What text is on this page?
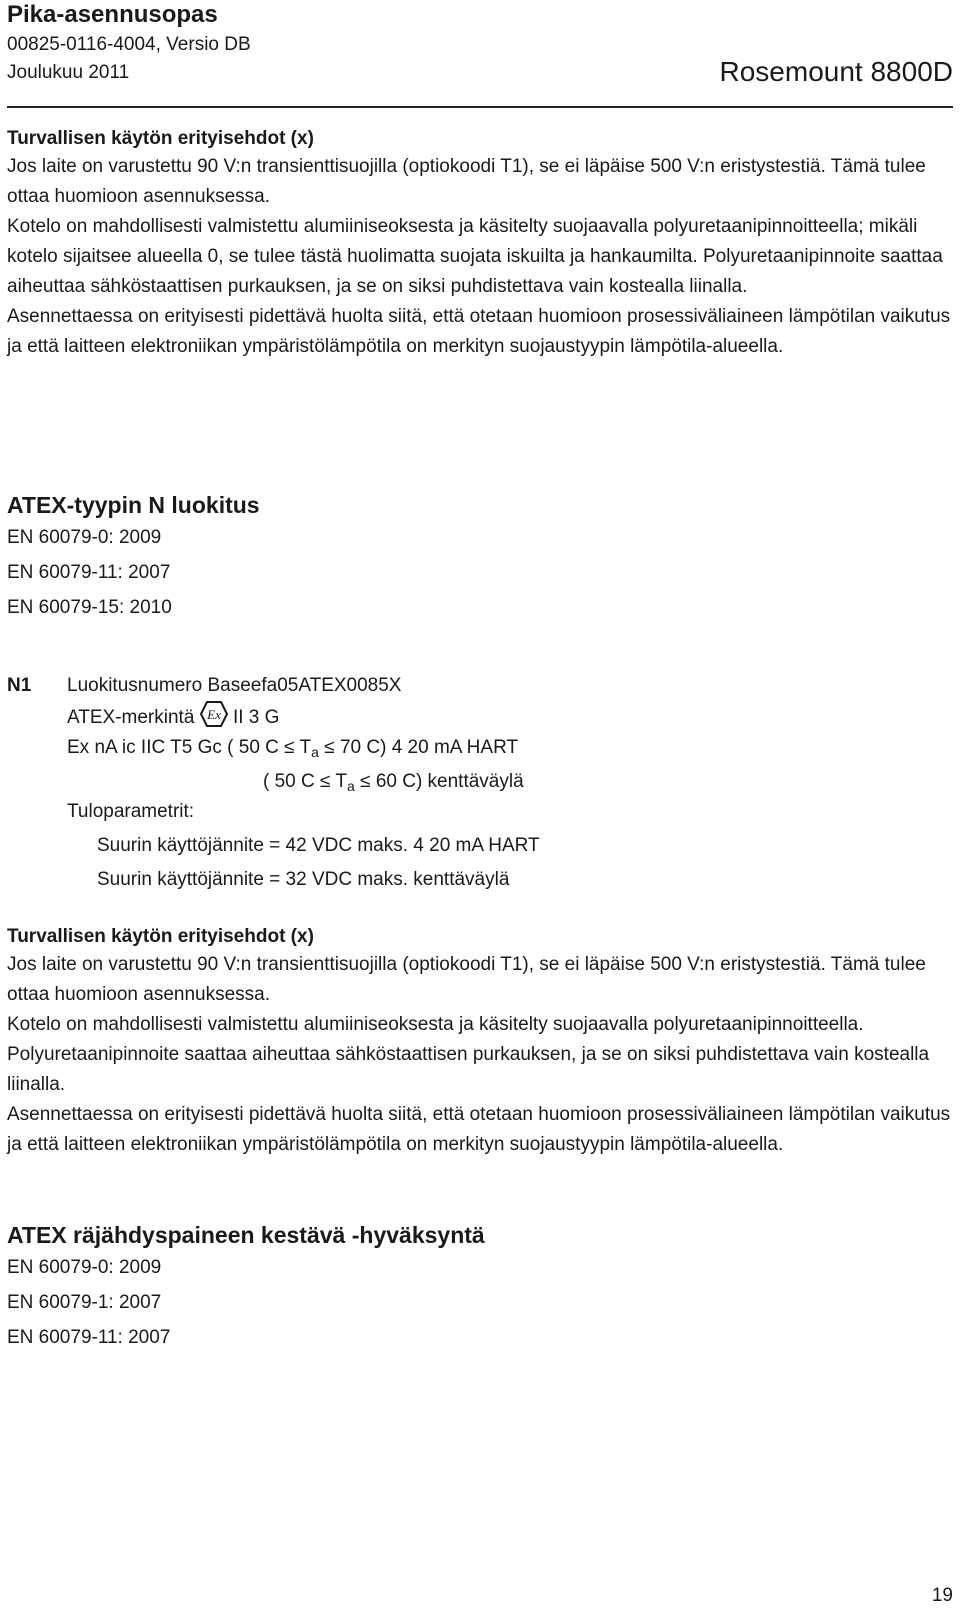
Pika-asennusopas
00825-0116-4004, Versio DB
Joulukuu 2011	Rosemount 8800D

Turvallisen käytön erityisehdot (x)

Jos laite on varustettu 90 V:n transienttisuojilla (optiokoodi T1), se ei läpäise 500 V:n eristystestiä. Tämä tulee ottaa huomioon asennuksessa.

Kotelo on mahdollisesti valmistettu alumiiniseoksesta ja käsitelty suojaavalla polyuretaanipinnoitteella; mikäli kotelo sijaitsee alueella 0, se tulee tästä huolimatta suojata iskuilta ja hankaumilta. Polyuretaanipinnoite saattaa aiheuttaa sähköstaattisen purkauksen, ja se on siksi puhdistettava vain kostealla liinalla.

Asennettaessa on erityisesti pidettävä huolta siitä, että otetaan huomioon prosessiväliaineen lämpötilan vaikutus ja että laitteen elektroniikan ympäristölämpötila on merkityn suojaustyypin lämpötila-alueella.

ATEX-tyypin N luokitus

EN 60079-0: 2009

EN 60079-11: 2007

EN 60079-15: 2010

N1 Luokitusnumero Baseefa05ATEX0085X

ATEX-merkintä Ex II 3 G

Ex nA ic IIC T5 Gc ( 50 $C \le T_a \le 70$ C) 4 20 mA HART

( 50 $C \le T_a \le 60$ C) kenttäväylä

Tuloparametrit:

Suurin käyttöjännite = 42 VDC maks. 4 20 mA HART

Suurin käyttöjännite = 32 VDC maks. kenttäväylä

Turvallisen käytön erityisehdot (x)

Jos laite on varustettu 90 V:n transienttisuojilla (optiokoodi T1), se ei läpäise 500 V:n eristystestiä. Tämä tulee ottaa huomioon asennuksessa.

Kotelo on mahdollisesti valmistettu alumiiniseoksesta ja käsitelty suojaavalla polyuretaanipinnoitteella. Polyuretaanipinnoite saattaa aiheuttaa sähköstaattisen purkauksen, ja se on siksi puhdistettava vain kostealla liinalla.

Asennettaessa on erityisesti pidettävä huolta siitä, että otetaan huomioon prosessiväliaineen lämpötilan vaikutus ja että laitteen elektroniikan ympäristölämpötila on merkityn suojaustyypin lämpötila-alueella.

ATEX räjähdyspaineen kestävä -hyväksyntä

EN 60079-0: 2009

EN 60079-1: 2007

EN 60079-11: 2007

19
